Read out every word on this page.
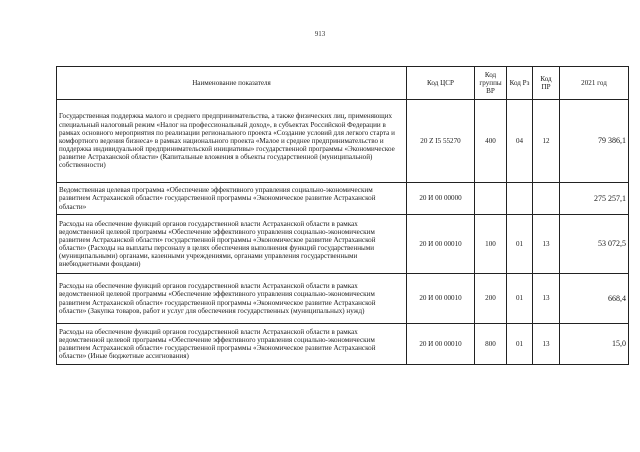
913
Наименование показателя	Код ЦСР	Код группы ВР	Код Рз	Код ПР	2021 год
Государственная поддержка малого и среднего предпринимательства, а также физических лиц, применяющих специальный налоговый режим «Налог на профессиональный доход», в субъектах Российской Федерации в рамках основного мероприятия по реализации регионального проекта «Создание условий для легкого старта и комфортного ведения бизнеса» в рамках национального проекта «Малое и среднее предпринимательство и поддержка индивидуальной предпринимательской инициативы» государственной программы «Экономическое развитие Астраханской области» (Капитальные вложения в объекты государственной (муниципальной) собственности)	20 Z I5 55270	400	04	12	79 386,1
Ведомственная целевая программа «Обеспечение эффективного управления социально-экономическим развитием Астраханской области» государственной программы «Экономическое развитие Астраханской области»	20 И 00 00000				275 257,1
Расходы на обеспечение функций органов государственной власти Астраханской области в рамках ведомственной целевой программы «Обеспечение эффективного управления социально-экономическим развитием Астраханской области» государственной программы «Экономическое развитие Астраханской области» (Расходы на выплаты персоналу в целях обеспечения выполнения функций государственными (муниципальными) органами, казенными учреждениями, органами управления государственными внебюджетными фондами)	20 И 00 00010	100	01	13	53 072,5
Расходы на обеспечение функций органов государственной власти Астраханской области в рамках ведомственной целевой программы «Обеспечение эффективного управления социально-экономическим развитием Астраханской области» государственной программы «Экономическое развитие Астраханской области» (Закупка товаров, работ и услуг для обеспечения государственных (муниципальных) нужд)	20 И 00 00010	200	01	13	668,4
Расходы на обеспечение функций органов государственной власти Астраханской области в рамках ведомственной целевой программы «Обеспечение эффективного управления социально-экономическим развитием Астраханской области» государственной программы «Экономическое развитие Астраханской области» (Иные бюджетные ассигнования)	20 И 00 00010	800	01	13	15,0
